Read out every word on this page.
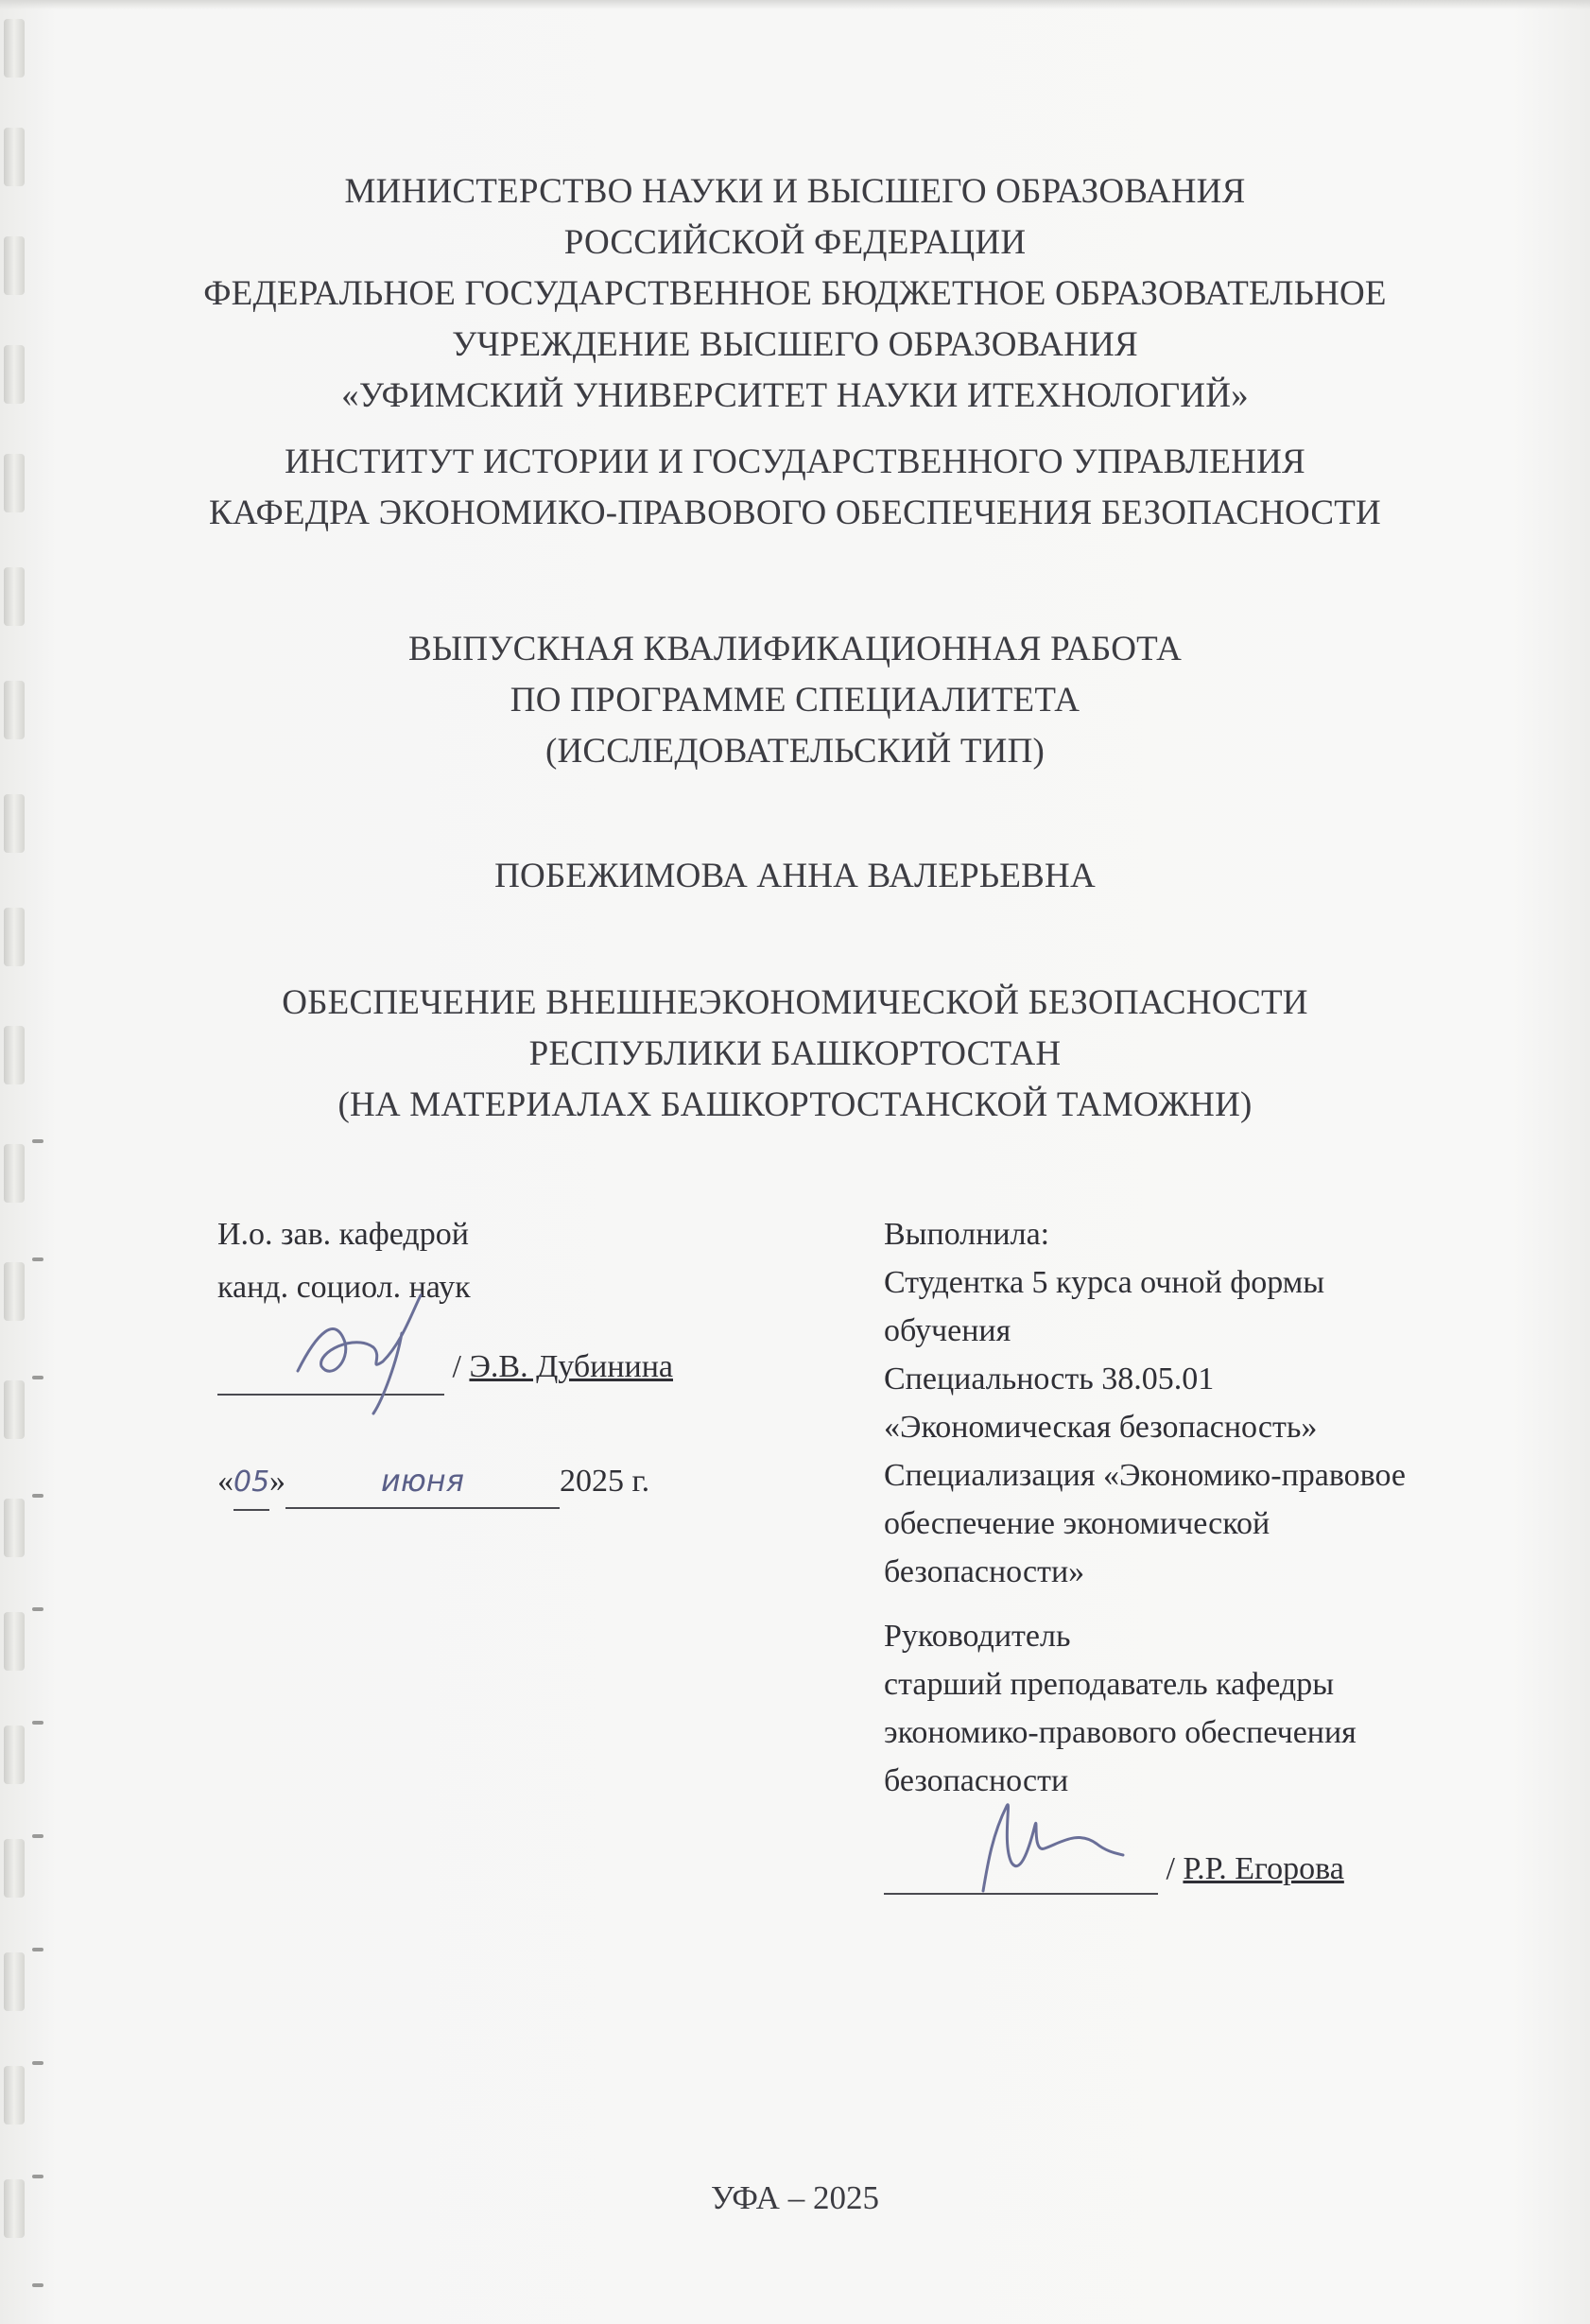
МИНИСТЕРСТВО НАУКИ И ВЫСШЕГО ОБРАЗОВАНИЯ
РОССИЙСКОЙ ФЕДЕРАЦИИ
ФЕДЕРАЛЬНОЕ ГОСУДАРСТВЕННОЕ БЮДЖЕТНОЕ ОБРАЗОВАТЕЛЬНОЕ
УЧРЕЖДЕНИЕ ВЫСШЕГО ОБРАЗОВАНИЯ
«УФИМСКИЙ УНИВЕРСИТЕТ НАУКИ ИТЕХНОЛОГИЙ»
ИНСТИТУТ ИСТОРИИ И ГОСУДАРСТВЕННОГО УПРАВЛЕНИЯ
КАФЕДРА ЭКОНОМИКО-ПРАВОВОГО ОБЕСПЕЧЕНИЯ БЕЗОПАСНОСТИ
ВЫПУСКНАЯ КВАЛИФИКАЦИОННАЯ РАБОТА
ПО ПРОГРАММЕ СПЕЦИАЛИТЕТА
(ИССЛЕДОВАТЕЛЬСКИЙ ТИП)
ПОБЕЖИМОВА АННА ВАЛЕРЬЕВНА
ОБЕСПЕЧЕНИЕ ВНЕШНЕЭКОНОМИЧЕСКОЙ БЕЗОПАСНОСТИ
РЕСПУБЛИКИ БАШКОРТОСТАН
(НА МАТЕРИАЛАХ БАШКОРТОСТАНСКОЙ ТАМОЖНИ)
И.о. зав. кафедрой
канд. социол. наук
/ Э.В. Дубинина
«05»	июня	2025 г.
Выполнила:
Студентка 5 курса очной формы
обучения
Специальность 38.05.01
«Экономическая безопасность»
Специализация «Экономико-правовое
обеспечение экономической
безопасности»
Руководитель
старший преподаватель кафедры
экономико-правового обеспечения
безопасности
/ Р.Р. Егорова
УФА – 2025
